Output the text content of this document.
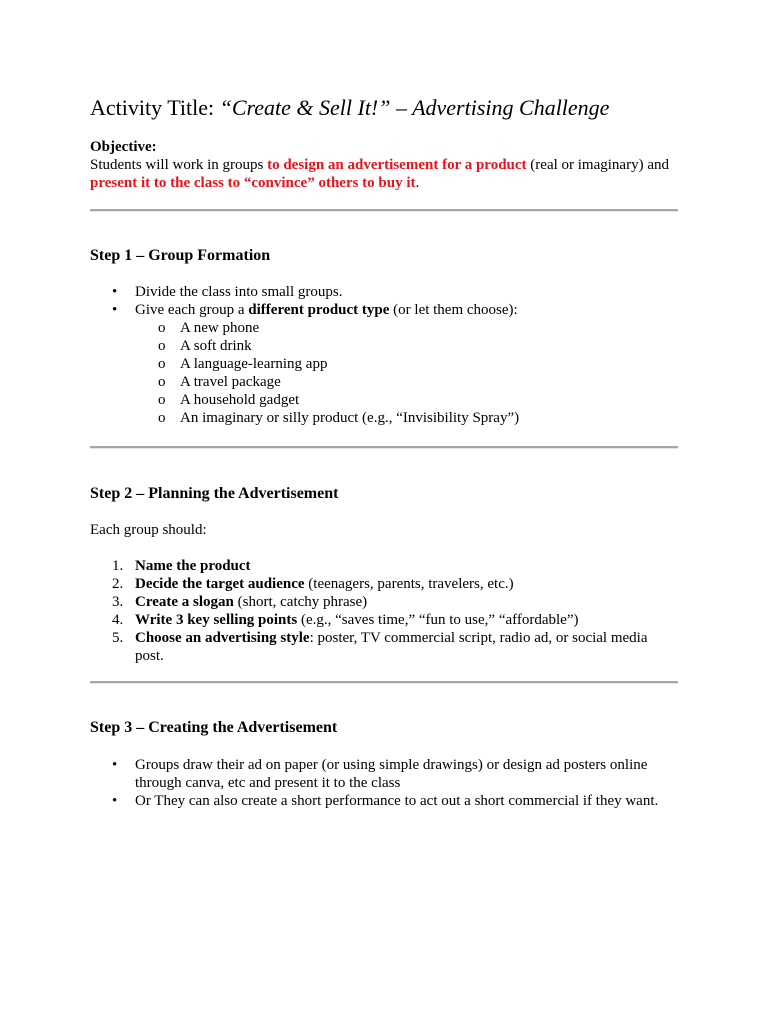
Activity Title: “Create & Sell It!” – Advertising Challenge
Objective:
Students will work in groups to design an advertisement for a product (real or imaginary) and present it to the class to “convince” others to buy it.
Step 1 – Group Formation
• Divide the class into small groups.
• Give each group a different product type (or let them choose):
o A new phone
o A soft drink
o A language-learning app
o A travel package
o A household gadget
o An imaginary or silly product (e.g., “Invisibility Spray”)
Step 2 – Planning the Advertisement
Each group should:
1. Name the product
2. Decide the target audience (teenagers, parents, travelers, etc.)
3. Create a slogan (short, catchy phrase)
4. Write 3 key selling points (e.g., “saves time,” “fun to use,” “affordable”)
5. Choose an advertising style: poster, TV commercial script, radio ad, or social media post.
Step 3 – Creating the Advertisement
• Groups draw their ad on paper (or using simple drawings) or design ad posters online through canva, etc and present it to the class
• Or They can also create a short performance to act out a short commercial if they want.
